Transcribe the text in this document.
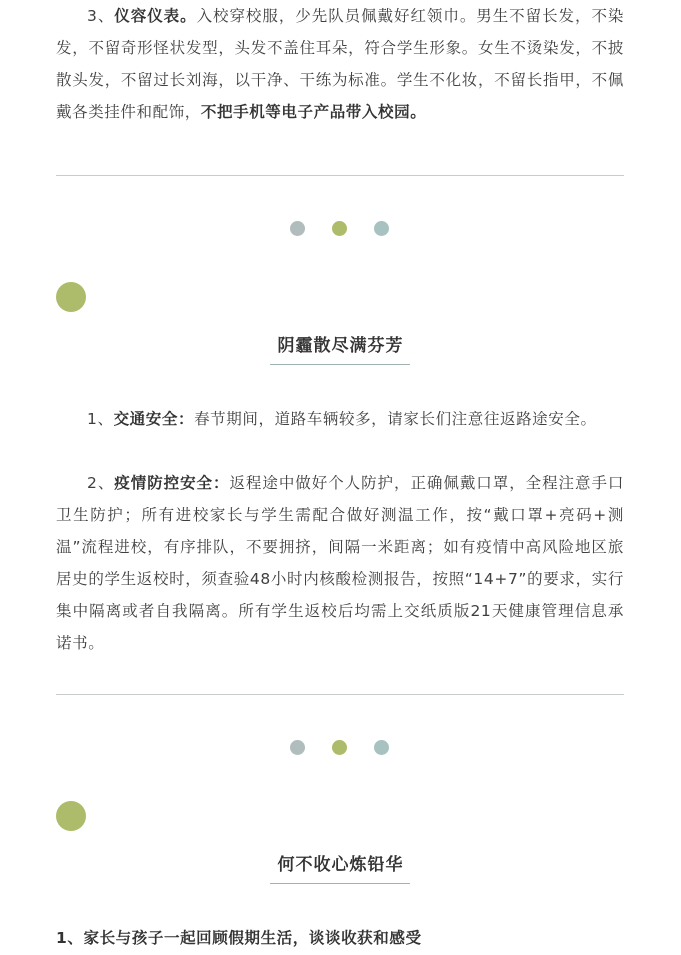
3、仪容仪表。入校穿校服，少先队员佩戴好红领巾。男生不留长发，不染发，不留奇形怪状发型，头发不盖住耳朵，符合学生形象。女生不烫染发，不披散头发，不留过长刘海，以干净、干练为标准。学生不化妆，不留长指甲，不佩戴各类挂件和配饰，不把手机等电子产品带入校园。

阴霾散尽满芬芳

1、交通安全：春节期间，道路车辆较多，请家长们注意往返路途安全。

2、疫情防控安全：返程途中做好个人防护，正确佩戴口罩，全程注意手口卫生防护；所有进校家长与学生需配合做好测温工作，按“戴口罩+亮码+测温”流程进校，有序排队，不要拥挤，间隔一米距离；如有疫情中高风险地区旅居史的学生返校时，须查验48小时内核酸检测报告，按照“14+7”的要求，实行集中隔离或者自我隔离。所有学生返校后均需上交纸质版21天健康管理信息承诺书。

何不收心炼铅华
1、家长与孩子一起回顾假期生活，谈谈收获和感受
